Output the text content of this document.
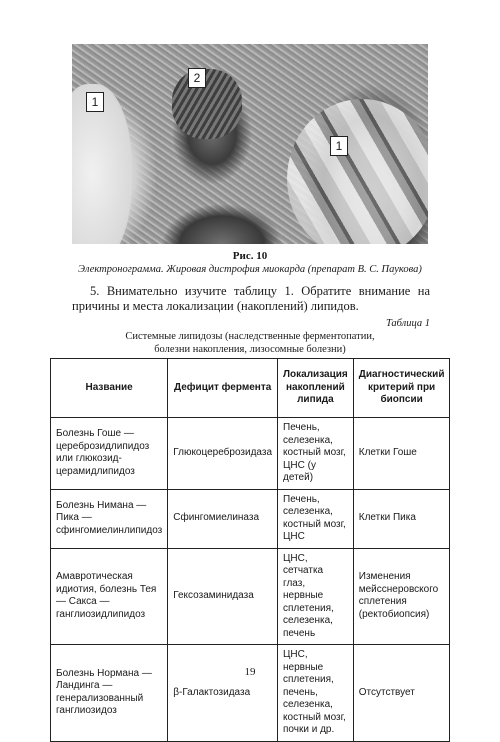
1
2
1
Рис. 10
Электронограмма. Жировая дистрофия миокарда (препарат В. С. Паукова)
5. Внимательно изучите таблицу 1. Обратите внимание на причины и места локализации (накоплений) липидов.
Таблица 1
Системные липидозы (наследственные ферментопатии,
болезни накопления, лизосомные болезни)
Название	Дефицит фермента	Локализация накоплений липида	Диагностический критерий при биопсии
Болезнь Гоше — цереброзидлипидоз или глюкозид-церамидлипидоз	Глюкоцереброзидаза	Печень, селезенка, костный мозг, ЦНС (у детей)	Клетки Гоше
Болезнь Нимана — Пика — сфингомиелинлипидоз	Сфингомиелиназа	Печень, селезенка, костный мозг, ЦНС	Клетки Пика
Амавротическая идиотия, болезнь Тея — Сакса — ганглиозидлипидоз	Гексозаминидаза	ЦНС, сетчатка глаз, нервные сплетения, селезенка, печень	Изменения мейсснеровского сплетения (ректобиопсия)
Болезнь Нормана — Ландинга — генерализованный ганглиозидоз	β-Галактозидаза	ЦНС, нервные сплетения, печень, селезенка, костный мозг, почки и др.	Отсутствует
19
